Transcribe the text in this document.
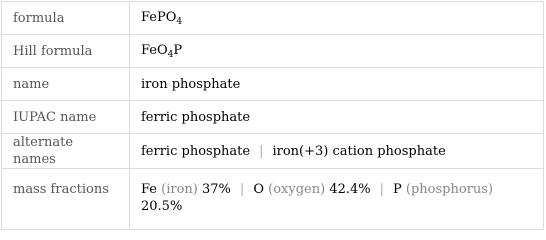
formula	FePO$_4$
Hill formula	FeO$_4$P
name	iron phosphate
IUPAC name	ferric phosphate
alternate names	ferric phosphate | iron(+3) cation phosphate
mass fractions	Fe (iron) 37% | O (oxygen) 42.4% | P (phosphorus)
20.5%
